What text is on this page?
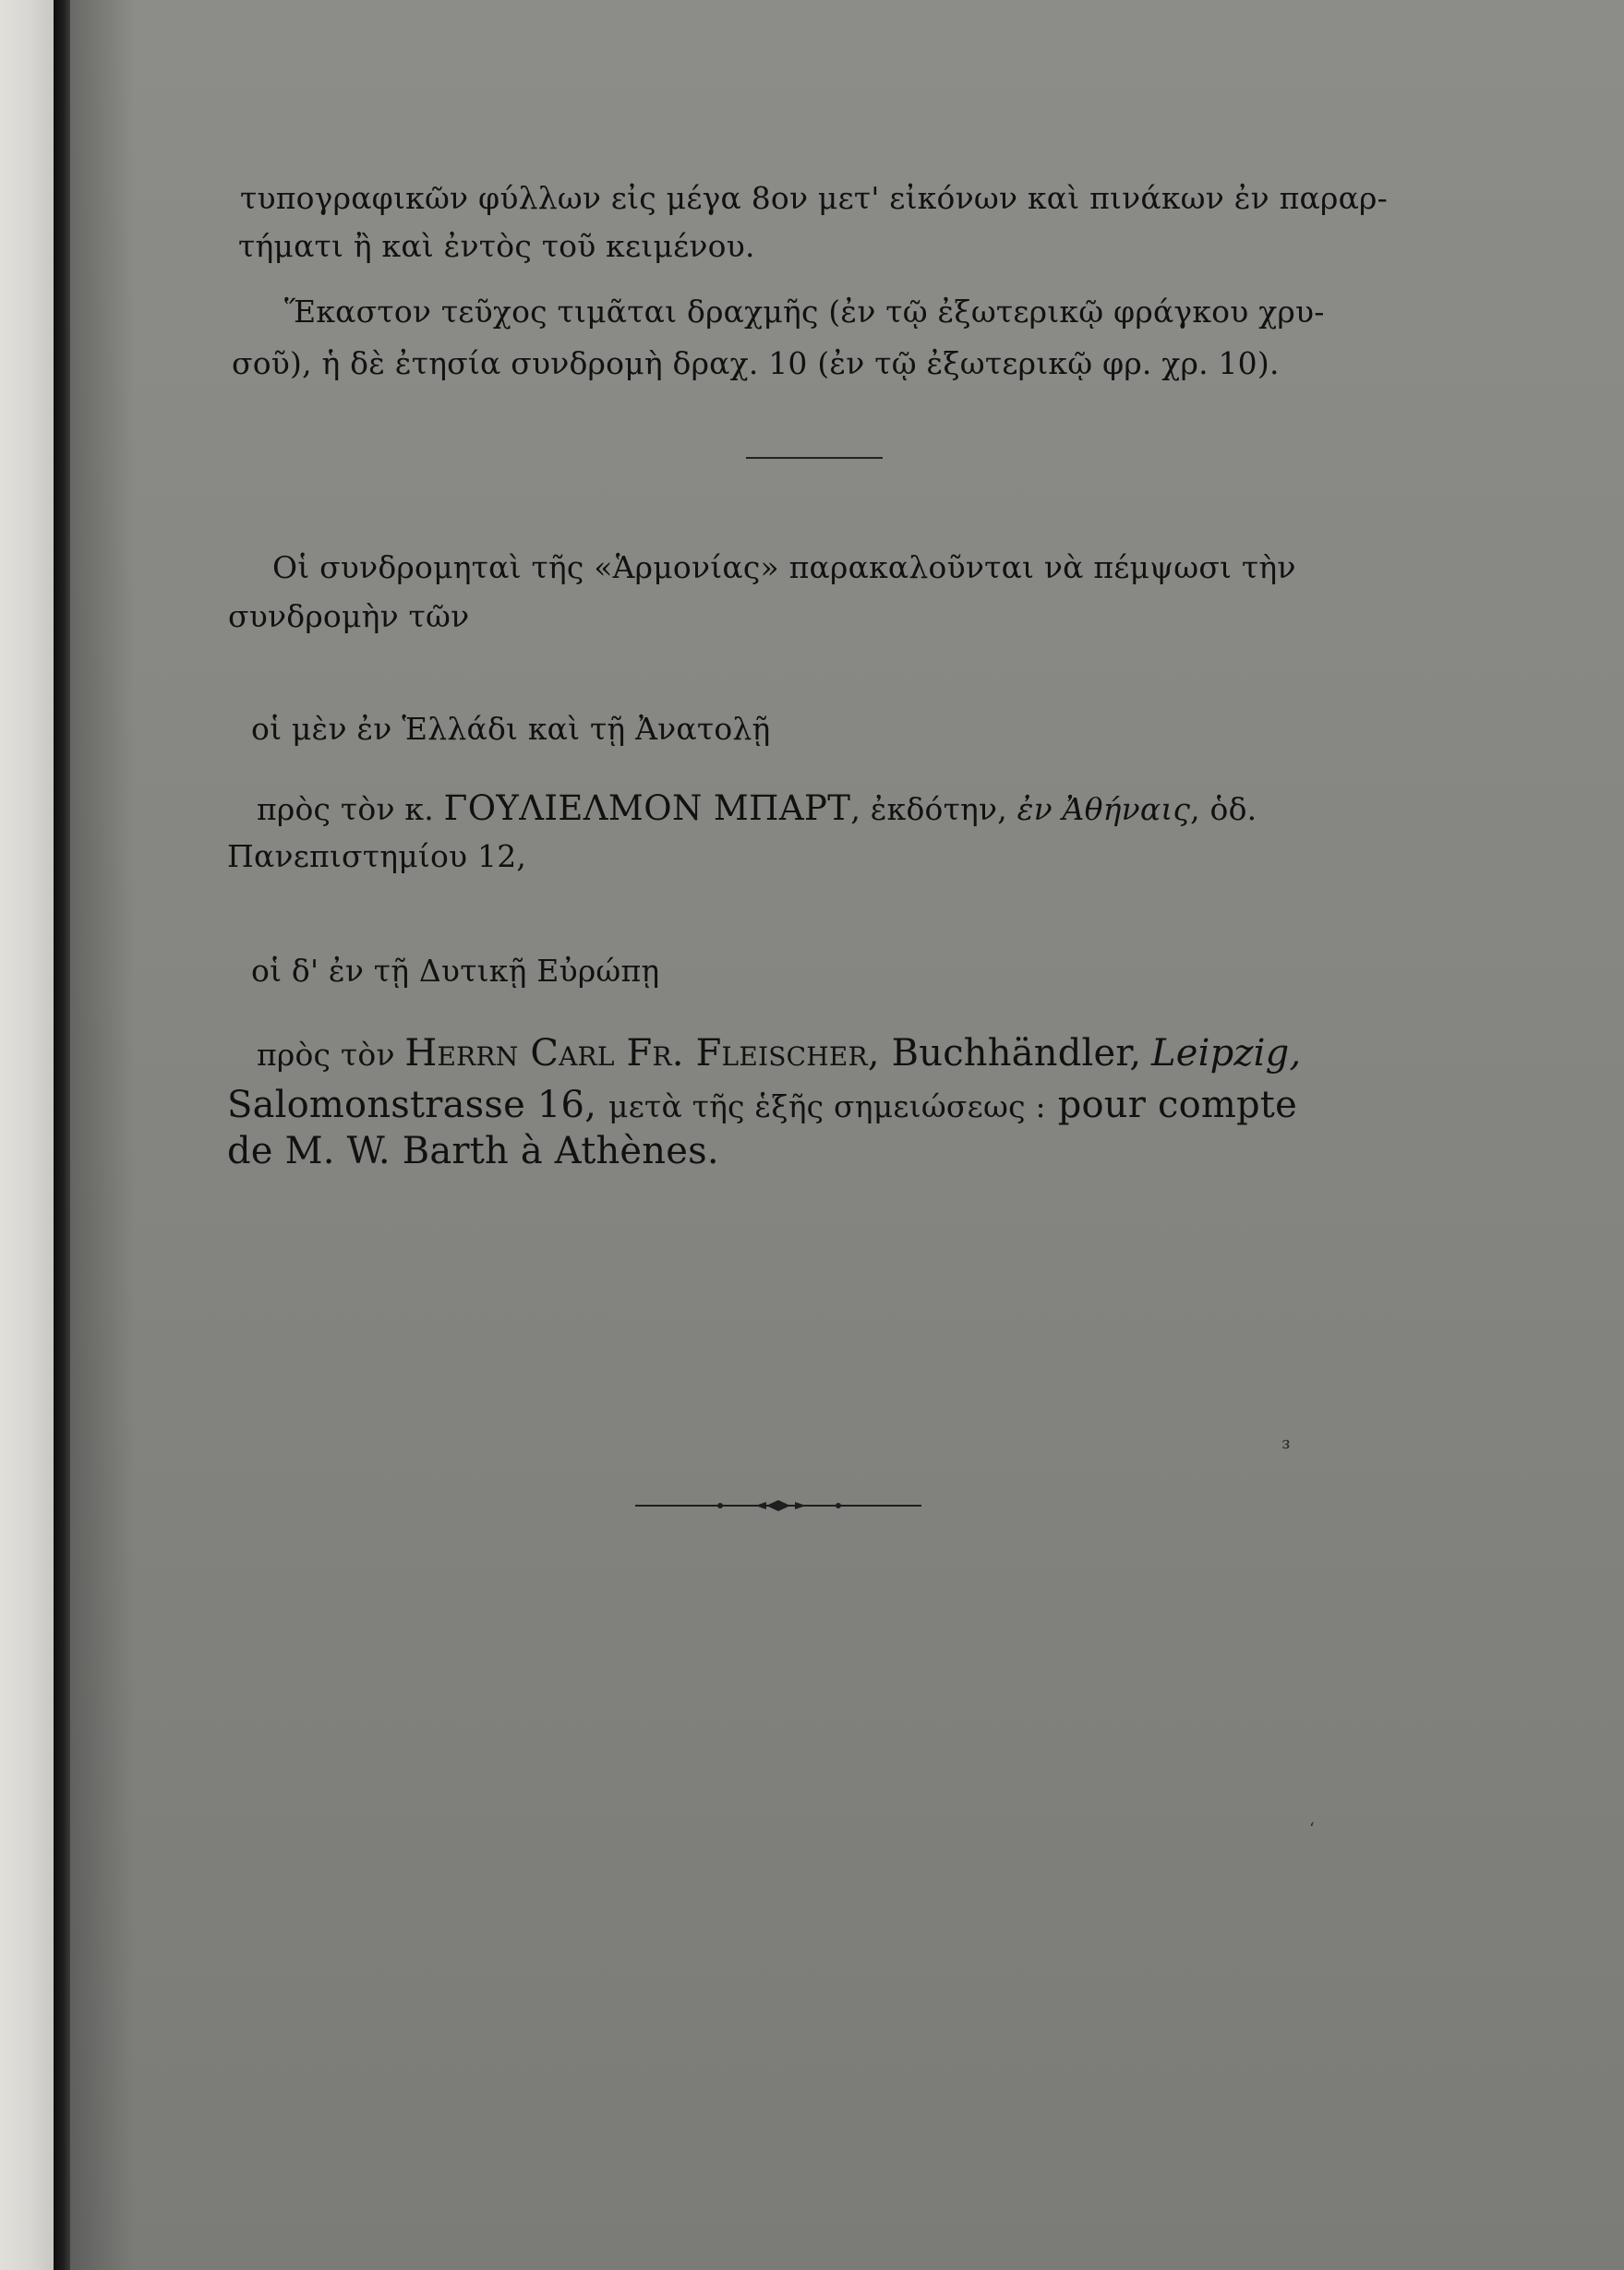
τυπογραφικῶν φύλλων εἰς μέγα 8ον μετ' εἰκόνων καὶ πινάκων ἐν παραρ-
τήματι ἢ καὶ ἐντὸς τοῦ κειμένου.
Ἕκαστον τεῦχος τιμᾶται δραχμῆς (ἐν τῷ ἐξωτερικῷ φράγκου χρυ-
σοῦ), ἡ δὲ ἐτησία συνδρομὴ δραχ. 10 (ἐν τῷ ἐξωτερικῷ φρ. χρ. 10).
Οἱ συνδρομηταὶ τῆς «Ἁρμονίας» παρακαλοῦνται νὰ πέμψωσι τὴν
συνδρομὴν τῶν
οἱ μὲν ἐν Ἑλλάδι καὶ τῇ Ἀνατολῇ
πρὸς τὸν κ. ΓΟΥΛΙΕΛΜΟΝ ΜΠΑΡΤ, ἐκδότην, ἐν Ἀθήναις, ὁδ.
Πανεπιστημίου 12,
οἱ δ' ἐν τῇ Δυτικῇ Εὐρώπῃ
πρὸς τὸν Herrn Carl Fr. Fleischer, Buchhändler, Leipzig,
Salomonstrasse 16, μετὰ τῆς ἑξῆς σημειώσεως : pour compte
de M. W. Barth à Athènes.
ᴈ
ʻ
